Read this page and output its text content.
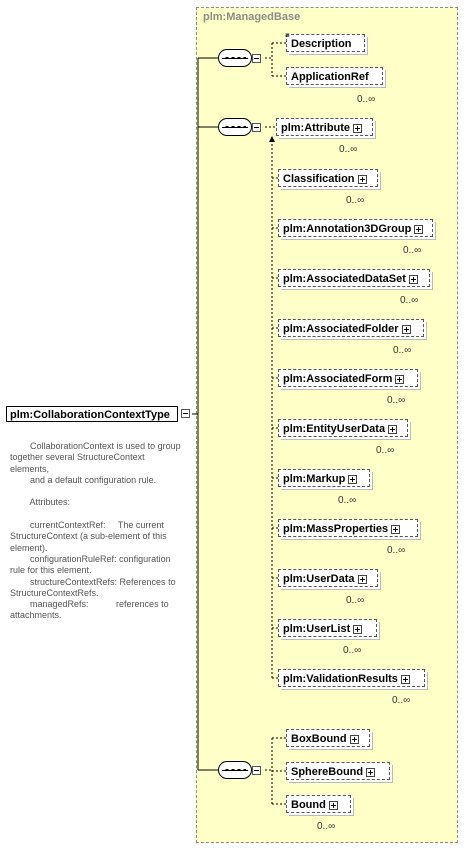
plm:ManagedBase
plm:CollaborationContextType
CollaborationContext is used to group
together several StructureContext
elements,
and a default configuration rule.

Attributes:

currentContextRef:     The current
StructureContext (a sub-element of this
element).
configurationRuleRef: configuration
rule for this element.
structureContextRefs: References to
StructureContextRefs.
managedRefs:           references to
attachments.
≡
Description
ApplicationRef
0..∞
plm:Attribute
0..∞
Classification
0..∞
plm:Annotation3DGroup
0..∞
plm:AssociatedDataSet
0..∞
plm:AssociatedFolder
0..∞
plm:AssociatedForm
0..∞
plm:EntityUserData
0..∞
plm:Markup
0..∞
plm:MassProperties
0..∞
plm:UserData
0..∞
plm:UserList
0..∞
plm:ValidationResults
0..∞
BoxBound
SphereBound
Bound
0..∞
